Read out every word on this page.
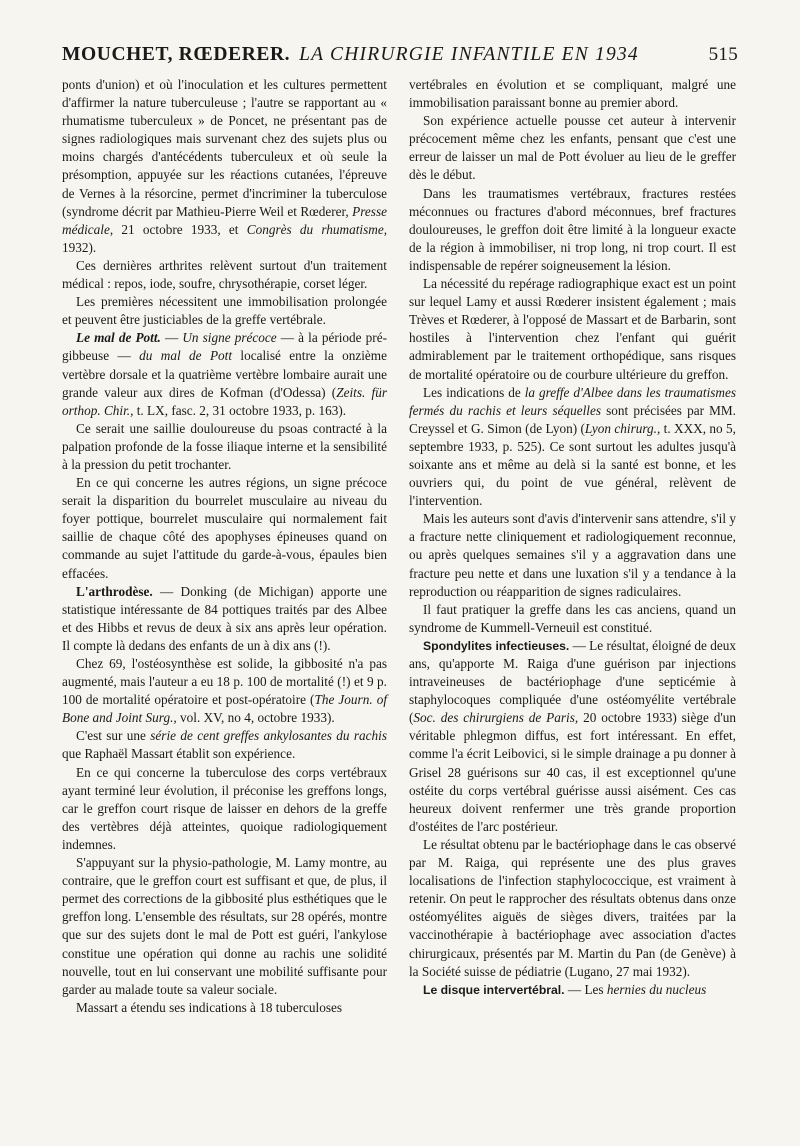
MOUCHET, RŒDERER. LA CHIRURGIE INFANTILE EN 1934	515

ponts d'union) et où l'inoculation et les cultures permettent d'affirmer la nature tuberculeuse ; l'autre se rapportant au « rhumatisme tuberculeux » de Poncet, ne présentant pas de signes radiologiques mais survenant chez des sujets plus ou moins chargés d'antécédents tuberculeux et où seule la présomption, appuyée sur les réactions cutanées, l'épreuve de Vernes à la résorcine, permet d'incriminer la tuberculose (syndrome décrit par Mathieu-Pierre Weil et Rœderer, Presse médicale, 21 octobre 1933, et Congrès du rhumatisme, 1932).

Ces dernières arthrites relèvent surtout d'un traitement médical : repos, iode, soufre, chrysothérapie, corset léger.

Les premières nécessitent une immobilisation prolongée et peuvent être justiciables de la greffe vertébrale.

Le mal de Pott. — Un signe précoce — à la période pré-gibbeuse — du mal de Pott localisé entre la onzième vertèbre dorsale et la quatrième vertèbre lombaire aurait une grande valeur aux dires de Kofman (d'Odessa) (Zeits. für orthop. Chir., t. LX, fasc. 2, 31 octobre 1933, p. 163).

Ce serait une saillie douloureuse du psoas contracté à la palpation profonde de la fosse iliaque interne et la sensibilité à la pression du petit trochanter.

En ce qui concerne les autres régions, un signe précoce serait la disparition du bourrelet musculaire au niveau du foyer pottique, bourrelet musculaire qui normalement fait saillie de chaque côté des apophyses épineuses quand on commande au sujet l'attitude du garde-à-vous, épaules bien effacées.

L'arthrodèse. — Donking (de Michigan) apporte une statistique intéressante de 84 pottiques traités par des Albee et des Hibbs et revus de deux à six ans après leur opération. Il compte là dedans des enfants de un à dix ans (!).

Chez 69, l'ostéosynthèse est solide, la gibbosité n'a pas augmenté, mais l'auteur a eu 18 p. 100 de mortalité (!) et 9 p. 100 de mortalité opératoire et post-opératoire (The Journ. of Bone and Joint Surg., vol. XV, no 4, octobre 1933).

C'est sur une série de cent greffes ankylosantes du rachis que Raphaël Massart établit son expérience.

En ce qui concerne la tuberculose des corps vertébraux ayant terminé leur évolution, il préconise les greffons longs, car le greffon court risque de laisser en dehors de la greffe des vertèbres déjà atteintes, quoique radiologiquement indemnes.

S'appuyant sur la physio-pathologie, M. Lamy montre, au contraire, que le greffon court est suffisant et que, de plus, il permet des corrections de la gibbosité plus esthétiques que le greffon long. L'ensemble des résultats, sur 28 opérés, montre que sur des sujets dont le mal de Pott est guéri, l'ankylose constitue une opération qui donne au rachis une solidité nouvelle, tout en lui conservant une mobilité suffisante pour garder au malade toute sa valeur sociale.

Massart a étendu ses indications à 18 tuberculoses

vertébrales en évolution et se compliquant, malgré une immobilisation paraissant bonne au premier abord.

Son expérience actuelle pousse cet auteur à intervenir précocement même chez les enfants, pensant que c'est une erreur de laisser un mal de Pott évoluer au lieu de le greffer dès le début.

Dans les traumatismes vertébraux, fractures restées méconnues ou fractures d'abord méconnues, bref fractures douloureuses, le greffon doit être limité à la longueur exacte de la région à immobiliser, ni trop long, ni trop court. Il est indispensable de repérer soigneusement la lésion.

La nécessité du repérage radiographique exact est un point sur lequel Lamy et aussi Rœderer insistent également ; mais Trèves et Rœderer, à l'opposé de Massart et de Barbarin, sont hostiles à l'intervention chez l'enfant qui guérit admirablement par le traitement orthopédique, sans risques de mortalité opératoire ou de courbure ultérieure du greffon.

Les indications de la greffe d'Albee dans les traumatismes fermés du rachis et leurs séquelles sont précisées par MM. Creyssel et G. Simon (de Lyon) (Lyon chirurg., t. XXX, no 5, septembre 1933, p. 525). Ce sont surtout les adultes jusqu'à soixante ans et même au delà si la santé est bonne, et les ouvriers qui, du point de vue général, relèvent de l'intervention.

Mais les auteurs sont d'avis d'intervenir sans attendre, s'il y a fracture nette cliniquement et radiologiquement reconnue, ou après quelques semaines s'il y a aggravation dans une fracture peu nette et dans une luxation s'il y a tendance à la reproduction ou réapparition de signes radiculaires.

Il faut pratiquer la greffe dans les cas anciens, quand un syndrome de Kummell-Verneuil est constitué.

Spondylites infectieuses. — Le résultat, éloigné de deux ans, qu'apporte M. Raiga d'une guérison par injections intraveineuses de bactériophage d'une septicémie à staphylocoques compliquée d'une ostéomyélite vertébrale (Soc. des chirurgiens de Paris, 20 octobre 1933) siège d'un véritable phlegmon diffus, est fort intéressant. En effet, comme l'a écrit Leibovici, si le simple drainage a pu donner à Grisel 28 guérisons sur 40 cas, il est exceptionnel qu'une ostéite du corps vertébral guérisse aussi aisément. Ces cas heureux doivent renfermer une très grande proportion d'ostéites de l'arc postérieur.

Le résultat obtenu par le bactériophage dans le cas observé par M. Raiga, qui représente une des plus graves localisations de l'infection staphylococcique, est vraiment à retenir. On peut le rapprocher des résultats obtenus dans onze ostéomyélites aiguës de sièges divers, traitées par la vaccinothérapie à bactériophage avec association d'actes chirurgicaux, présentés par M. Martin du Pan (de Genève) à la Société suisse de pédiatrie (Lugano, 27 mai 1932).

Le disque intervertébral. — Les hernies du nucleus
